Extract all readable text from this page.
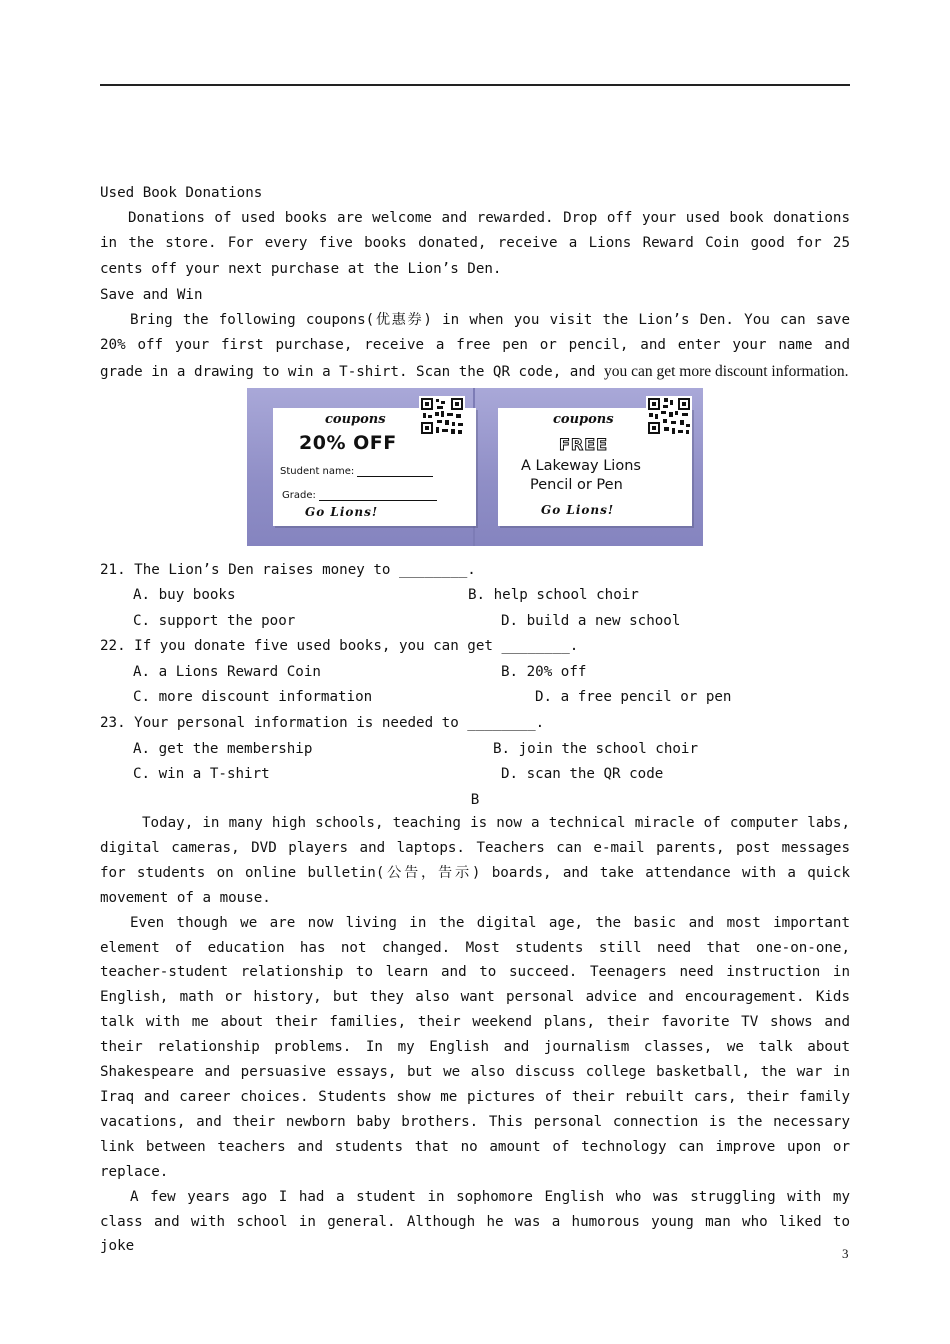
Used Book Donations

Donations of used books are welcome and rewarded. Drop off your used book donations in the store. For every five books donated, receive a Lions Reward Coin good for 25 cents off your next purchase at the Lion’s Den.

Save and Win

Bring the following coupons(优惠券) in when you visit the Lion’s Den. You can save 20% off your first purchase, receive a free pen or pencil, and enter your name and grade in a drawing to win a T-shirt. Scan the QR code, and you can get more discount information.

coupons
20% OFF
Student name:
Grade:
Go Lions!
coupons
FREE
A Lakeway Lions
Pencil or Pen
Go Lions!
21. The Lion’s Den raises money to ________.
A. buy books	B. help school choir
C. support the poor	D. build a new school
22. If you donate five used books, you can get ________.
A. a Lions Reward Coin	B. 20% off
C. more discount information	D. a free pencil or pen
23. Your personal information is needed to ________.
A. get the membership	B. join the school choir
C. win a T-shirt	D. scan the QR code
B

Today, in many high schools, teaching is now a technical miracle of computer labs, digital cameras, DVD players and laptops. Teachers can e-mail parents, post messages for students on online bulletin(公告，告示) boards, and take attendance with a quick movement of a mouse.

Even though we are now living in the digital age, the basic and most important element of education has not changed. Most students still need that one-on-one, teacher-student relationship to learn and to succeed. Teenagers need instruction in English, math or history, but they also want personal advice and encouragement. Kids talk with me about their families, their weekend plans, their favorite TV shows and their relationship problems. In my English and journalism classes, we talk about Shakespeare and persuasive essays, but we also discuss college basketball, the war in Iraq and career choices. Students show me pictures of their rebuilt cars, their family vacations, and their newborn baby brothers. This personal connection is the necessary link between teachers and students that no amount of technology can improve upon or replace.

A few years ago I had a student in sophomore English who was struggling with my class and with school in general. Although he was a humorous young man who liked to joke	3
